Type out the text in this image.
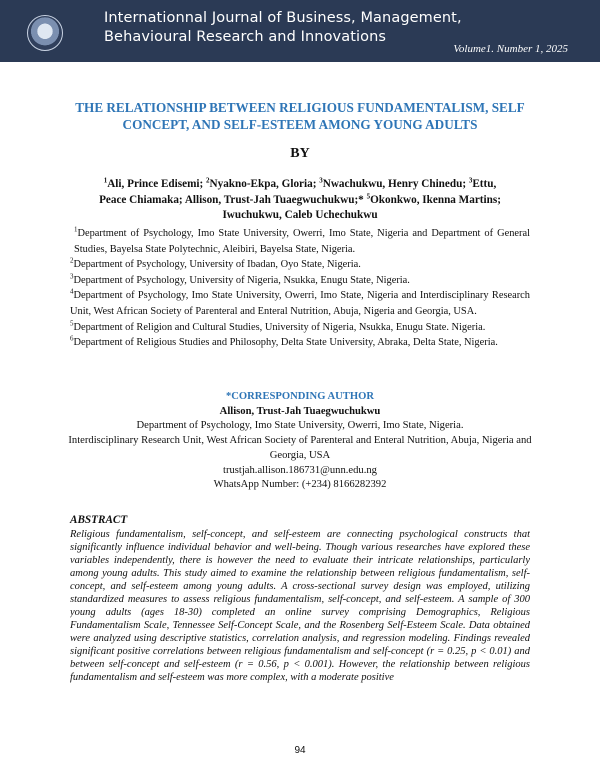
Internationnal Journal of Business, Management, Behavioural Research and Innovations
Volume1. Number 1, 2025
THE RELATIONSHIP BETWEEN RELIGIOUS FUNDAMENTALISM, SELF CONCEPT, AND SELF-ESTEEM AMONG YOUNG ADULTS
BY
$^1$Ali, Prince Edisemi; $^2$Nyakno-Ekpa, Gloria; $^3$Nwachukwu, Henry Chinedu; $^3$Ettu, Peace Chiamaka; Allison, Trust-Jah Tuaegwuchukwu;* $^5$Okonkwo, Ikenna Martins; Iwuchukwu, Caleb Uchechukwu

$^1$Department of Psychology, Imo State University, Owerri, Imo State, Nigeria and Department of General Studies, Bayelsa State Polytechnic, Aleibiri, Bayelsa State, Nigeria.

$^2$Department of Psychology, University of Ibadan, Oyo State, Nigeria.

$^3$Department of Psychology, University of Nigeria, Nsukka, Enugu State, Nigeria.

$^4$Department of Psychology, Imo State University, Owerri, Imo State, Nigeria and Interdisciplinary Research Unit, West African Society of Parenteral and Enteral Nutrition, Abuja, Nigeria and Georgia, USA.

$^5$Department of Religion and Cultural Studies, University of Nigeria, Nsukka, Enugu State. Nigeria.

$^6$Department of Religious Studies and Philosophy, Delta State University, Abraka, Delta State, Nigeria.

*CORRESPONDING AUTHOR
Allison, Trust-Jah Tuaegwuchukwu
Department of Psychology, Imo State University, Owerri, Imo State, Nigeria.
Interdisciplinary Research Unit, West African Society of Parenteral and Enteral Nutrition, Abuja, Nigeria and Georgia, USA
trustjah.allison.186731@unn.edu.ng
WhatsApp Number: (+234) 8166282392
ABSTRACT
Religious fundamentalism, self-concept, and self-esteem are connecting psychological constructs that significantly influence individual behavior and well-being. Though various researches have explored these variables independently, there is however the need to evaluate their intricate relationships, particularly among young adults. This study aimed to examine the relationship between religious fundamentalism, self-concept, and self-esteem among young adults. A cross-sectional survey design was employed, utilizing standardized measures to assess religious fundamentalism, self-concept, and self-esteem. A sample of 300 young adults (ages 18-30) completed an online survey comprising Demographics, Religious Fundamentalism Scale, Tennessee Self-Concept Scale, and the Rosenberg Self-Esteem Scale. Data obtained were analyzed using descriptive statistics, correlation analysis, and regression modeling. Findings revealed significant positive correlations between religious fundamentalism and self-concept (r = 0.25, p < 0.01) and between self-concept and self-esteem (r = 0.56, p < 0.001). However, the relationship between religious fundamentalism and self-esteem was more complex, with a moderate positive
94
